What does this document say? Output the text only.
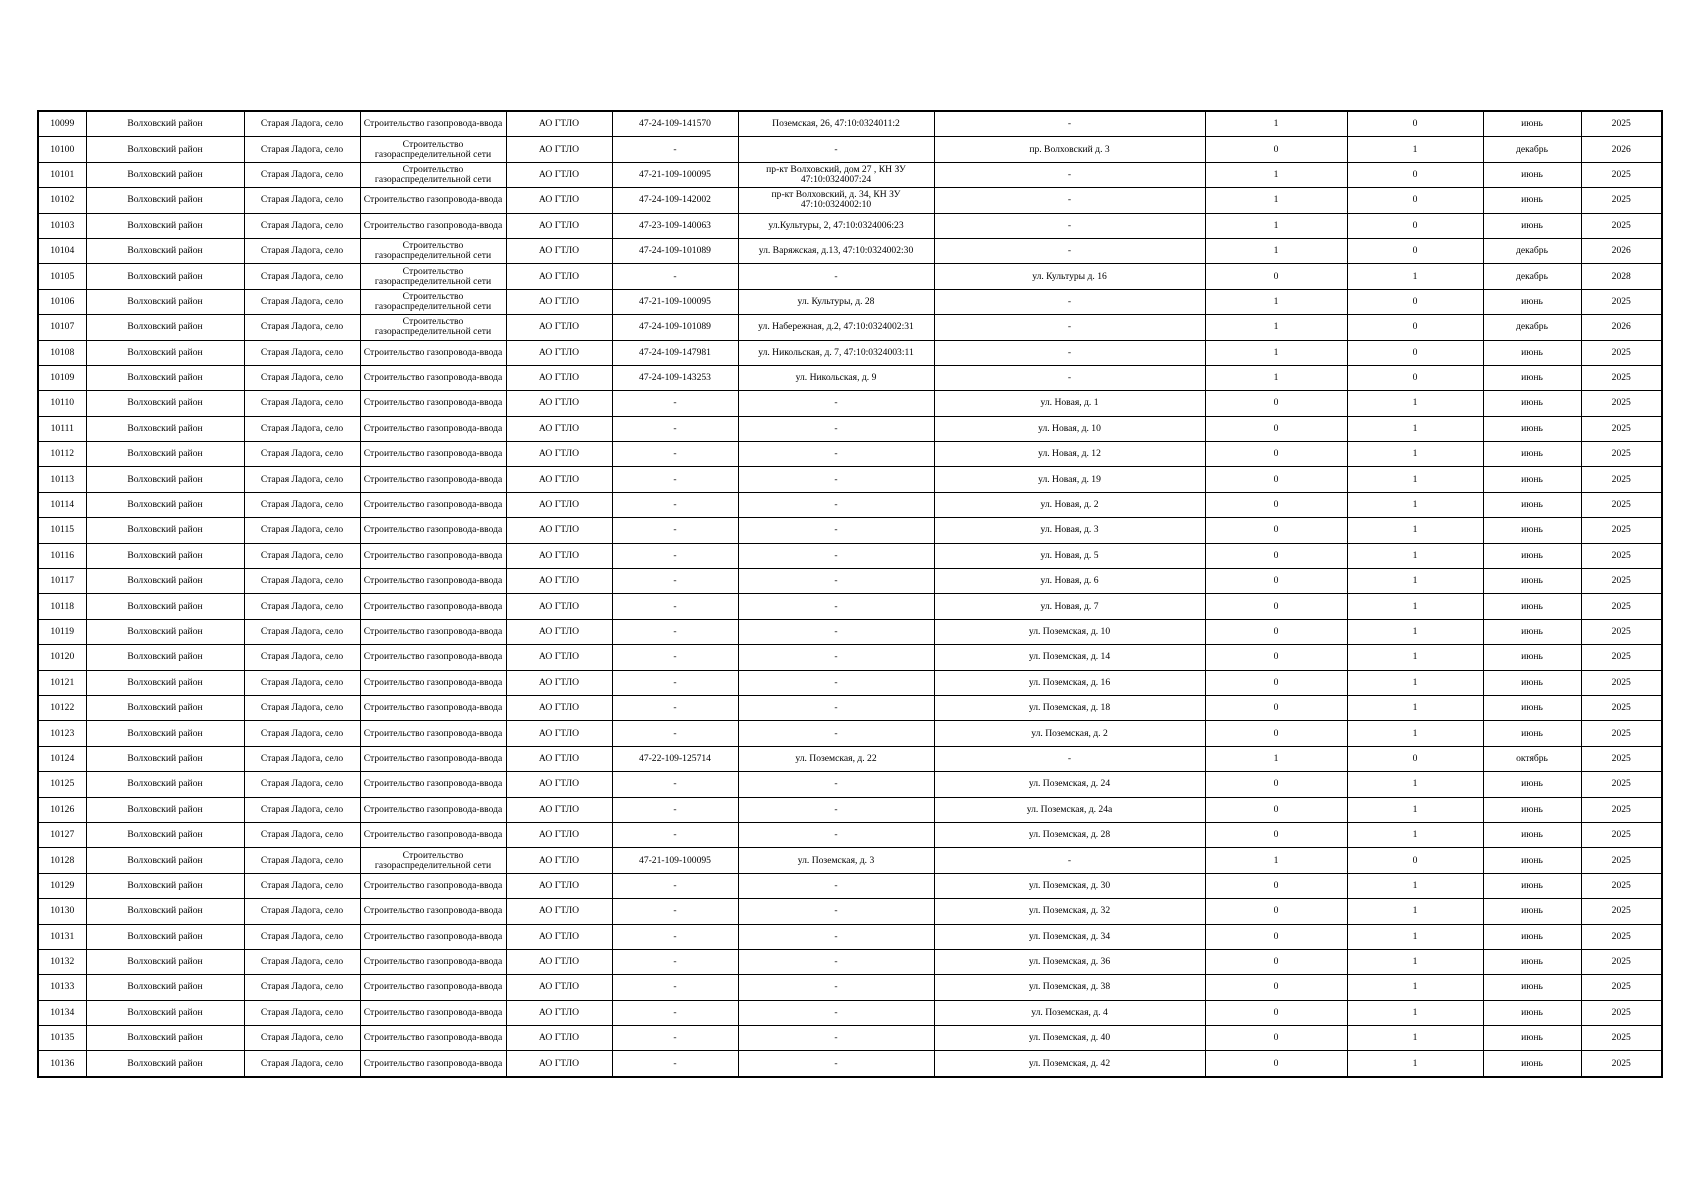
10099	Волховский район	Старая Ладога, село	Строительство газопровода-ввода	АО ГТЛО	47-24-109-141570	Поземская, 26, 47:10:0324011:2	-	1	0	июнь	2025
10100	Волховский район	Старая Ладога, село	Строительство газораспределительной сети	АО ГТЛО	-	-	пр. Волховский д. 3	0	1	декабрь	2026
10101	Волховский район	Старая Ладога, село	Строительство газораспределительной сети	АО ГТЛО	47-21-109-100095	пр-кт Волховский, дом 27 , КН ЗУ 47:10:0324007:24	-	1	0	июнь	2025
10102	Волховский район	Старая Ладога, село	Строительство газопровода-ввода	АО ГТЛО	47-24-109-142002	пр-кт Волховский, д. 34, КН ЗУ 47:10:0324002:10	-	1	0	июнь	2025
10103	Волховский район	Старая Ладога, село	Строительство газопровода-ввода	АО ГТЛО	47-23-109-140063	ул.Культуры, 2, 47:10:0324006:23	-	1	0	июнь	2025
10104	Волховский район	Старая Ладога, село	Строительство газораспределительной сети	АО ГТЛО	47-24-109-101089	ул. Варяжская, д.13, 47:10:0324002:30	-	1	0	декабрь	2026
10105	Волховский район	Старая Ладога, село	Строительство газораспределительной сети	АО ГТЛО	-	-	ул. Культуры д. 16	0	1	декабрь	2028
10106	Волховский район	Старая Ладога, село	Строительство газораспределительной сети	АО ГТЛО	47-21-109-100095	ул. Культуры, д. 28	-	1	0	июнь	2025
10107	Волховский район	Старая Ладога, село	Строительство газораспределительной сети	АО ГТЛО	47-24-109-101089	ул. Набережная, д.2, 47:10:0324002:31	-	1	0	декабрь	2026
10108	Волховский район	Старая Ладога, село	Строительство газопровода-ввода	АО ГТЛО	47-24-109-147981	ул. Никольская, д. 7, 47:10:0324003:11	-	1	0	июнь	2025
10109	Волховский район	Старая Ладога, село	Строительство газопровода-ввода	АО ГТЛО	47-24-109-143253	ул. Никольская, д. 9	-	1	0	июнь	2025
10110	Волховский район	Старая Ладога, село	Строительство газопровода-ввода	АО ГТЛО	-	-	ул. Новая, д. 1	0	1	июнь	2025
10111	Волховский район	Старая Ладога, село	Строительство газопровода-ввода	АО ГТЛО	-	-	ул. Новая, д. 10	0	1	июнь	2025
10112	Волховский район	Старая Ладога, село	Строительство газопровода-ввода	АО ГТЛО	-	-	ул. Новая, д. 12	0	1	июнь	2025
10113	Волховский район	Старая Ладога, село	Строительство газопровода-ввода	АО ГТЛО	-	-	ул. Новая, д. 19	0	1	июнь	2025
10114	Волховский район	Старая Ладога, село	Строительство газопровода-ввода	АО ГТЛО	-	-	ул. Новая, д. 2	0	1	июнь	2025
10115	Волховский район	Старая Ладога, село	Строительство газопровода-ввода	АО ГТЛО	-	-	ул. Новая, д. 3	0	1	июнь	2025
10116	Волховский район	Старая Ладога, село	Строительство газопровода-ввода	АО ГТЛО	-	-	ул. Новая, д. 5	0	1	июнь	2025
10117	Волховский район	Старая Ладога, село	Строительство газопровода-ввода	АО ГТЛО	-	-	ул. Новая, д. 6	0	1	июнь	2025
10118	Волховский район	Старая Ладога, село	Строительство газопровода-ввода	АО ГТЛО	-	-	ул. Новая, д. 7	0	1	июнь	2025
10119	Волховский район	Старая Ладога, село	Строительство газопровода-ввода	АО ГТЛО	-	-	ул. Поземская, д. 10	0	1	июнь	2025
10120	Волховский район	Старая Ладога, село	Строительство газопровода-ввода	АО ГТЛО	-	-	ул. Поземская, д. 14	0	1	июнь	2025
10121	Волховский район	Старая Ладога, село	Строительство газопровода-ввода	АО ГТЛО	-	-	ул. Поземская, д. 16	0	1	июнь	2025
10122	Волховский район	Старая Ладога, село	Строительство газопровода-ввода	АО ГТЛО	-	-	ул. Поземская, д. 18	0	1	июнь	2025
10123	Волховский район	Старая Ладога, село	Строительство газопровода-ввода	АО ГТЛО	-	-	ул. Поземская, д. 2	0	1	июнь	2025
10124	Волховский район	Старая Ладога, село	Строительство газопровода-ввода	АО ГТЛО	47-22-109-125714	ул. Поземская, д. 22	-	1	0	октябрь	2025
10125	Волховский район	Старая Ладога, село	Строительство газопровода-ввода	АО ГТЛО	-	-	ул. Поземская, д. 24	0	1	июнь	2025
10126	Волховский район	Старая Ладога, село	Строительство газопровода-ввода	АО ГТЛО	-	-	ул. Поземская, д. 24а	0	1	июнь	2025
10127	Волховский район	Старая Ладога, село	Строительство газопровода-ввода	АО ГТЛО	-	-	ул. Поземская, д. 28	0	1	июнь	2025
10128	Волховский район	Старая Ладога, село	Строительство газораспределительной сети	АО ГТЛО	47-21-109-100095	ул. Поземская, д. 3	-	1	0	июнь	2025
10129	Волховский район	Старая Ладога, село	Строительство газопровода-ввода	АО ГТЛО	-	-	ул. Поземская, д. 30	0	1	июнь	2025
10130	Волховский район	Старая Ладога, село	Строительство газопровода-ввода	АО ГТЛО	-	-	ул. Поземская, д. 32	0	1	июнь	2025
10131	Волховский район	Старая Ладога, село	Строительство газопровода-ввода	АО ГТЛО	-	-	ул. Поземская, д. 34	0	1	июнь	2025
10132	Волховский район	Старая Ладога, село	Строительство газопровода-ввода	АО ГТЛО	-	-	ул. Поземская, д. 36	0	1	июнь	2025
10133	Волховский район	Старая Ладога, село	Строительство газопровода-ввода	АО ГТЛО	-	-	ул. Поземская, д. 38	0	1	июнь	2025
10134	Волховский район	Старая Ладога, село	Строительство газопровода-ввода	АО ГТЛО	-	-	ул. Поземская, д. 4	0	1	июнь	2025
10135	Волховский район	Старая Ладога, село	Строительство газопровода-ввода	АО ГТЛО	-	-	ул. Поземская, д. 40	0	1	июнь	2025
10136	Волховский район	Старая Ладога, село	Строительство газопровода-ввода	АО ГТЛО	-	-	ул. Поземская, д. 42	0	1	июнь	2025
